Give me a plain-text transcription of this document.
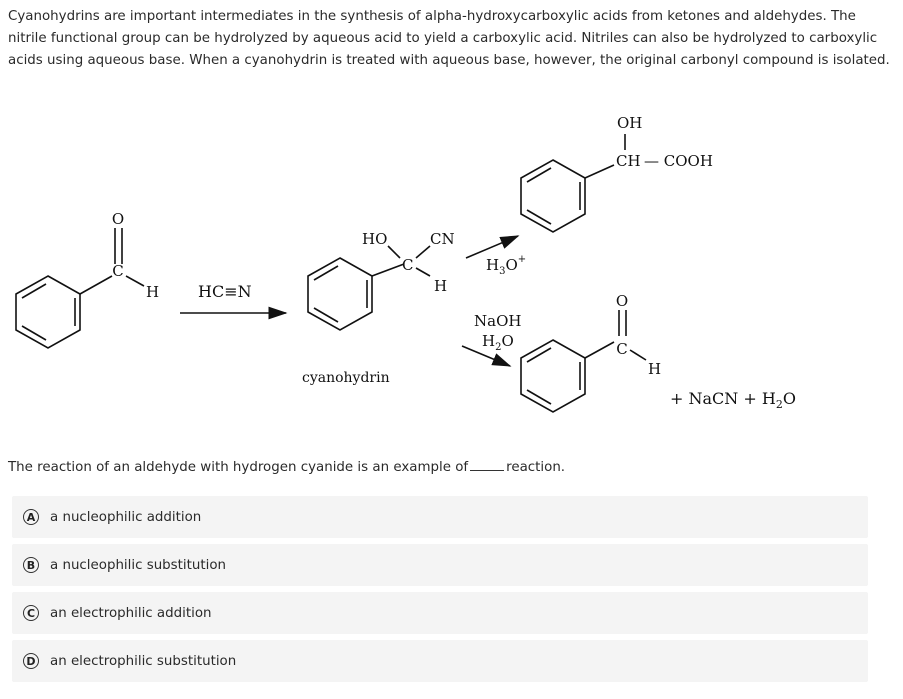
Cyanohydrins are important intermediates in the synthesis of alpha-hydroxycarboxylic acids from ketones and aldehydes. The

nitrile functional group can be hydrolyzed by aqueous acid to yield a carboxylic acid. Nitriles can also be hydrolyzed to carboxylic

acids using aqueous base. When a cyanohydrin is treated with aqueous base, however, the original carbonyl compound is isolated.

O
C
H HC≡N
HO	CN
C
H
cyanohydrin
$H_3O^+$
OH
CH — COOH
NaOH
$H_2O$
O
C
H
+ NaCN + $H_2O$
The reaction of an aldehyde with hydrogen cyanide is an example of	reaction.
A a nucleophilic addition
B a nucleophilic substitution
C an electrophilic addition
D an electrophilic substitution
